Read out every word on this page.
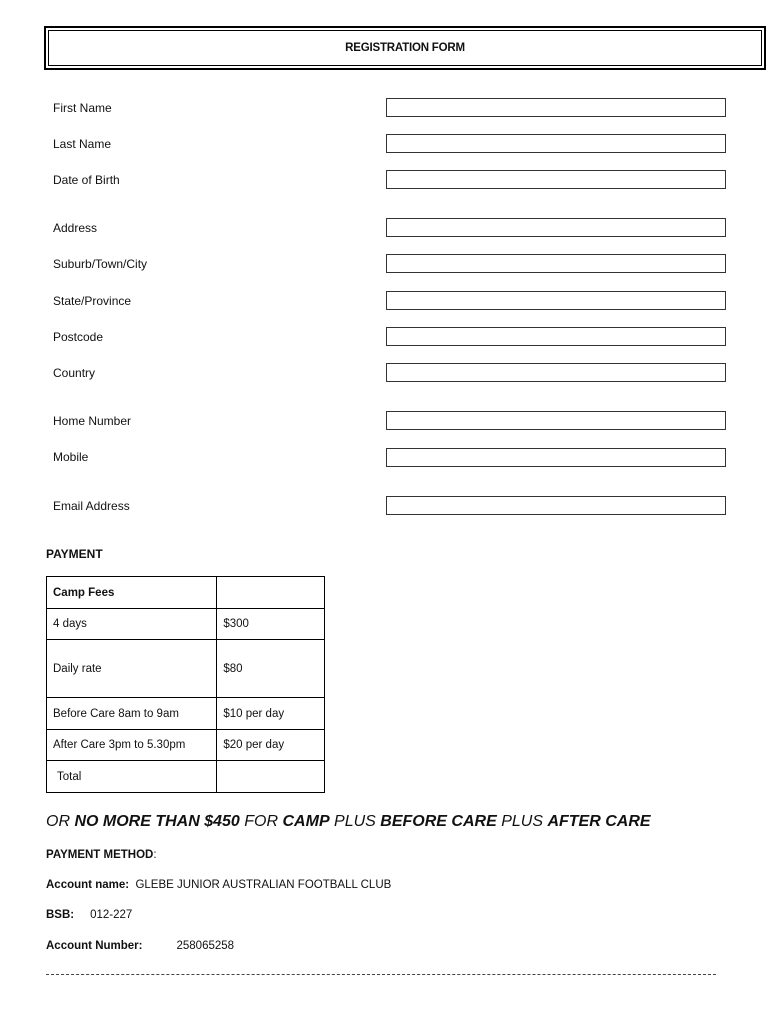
REGISTRATION FORM
First Name
Last Name
Date of Birth
Address
Suburb/Town/City
State/Province
Postcode
Country
Home Number
Mobile
Email Address
PAYMENT
Camp Fees	
4 days	$300
Daily rate	$80
Before Care 8am to 9am	$10 per day
After Care 3pm to 5.30pm	$20 per day
Total	
OR NO MORE THAN $450 FOR CAMP PLUS BEFORE CARE PLUS AFTER CARE
PAYMENT METHOD:
Account name: GLEBE JUNIOR AUSTRALIAN FOOTBALL CLUB
BSB: 012-227
Account Number:	258065258
